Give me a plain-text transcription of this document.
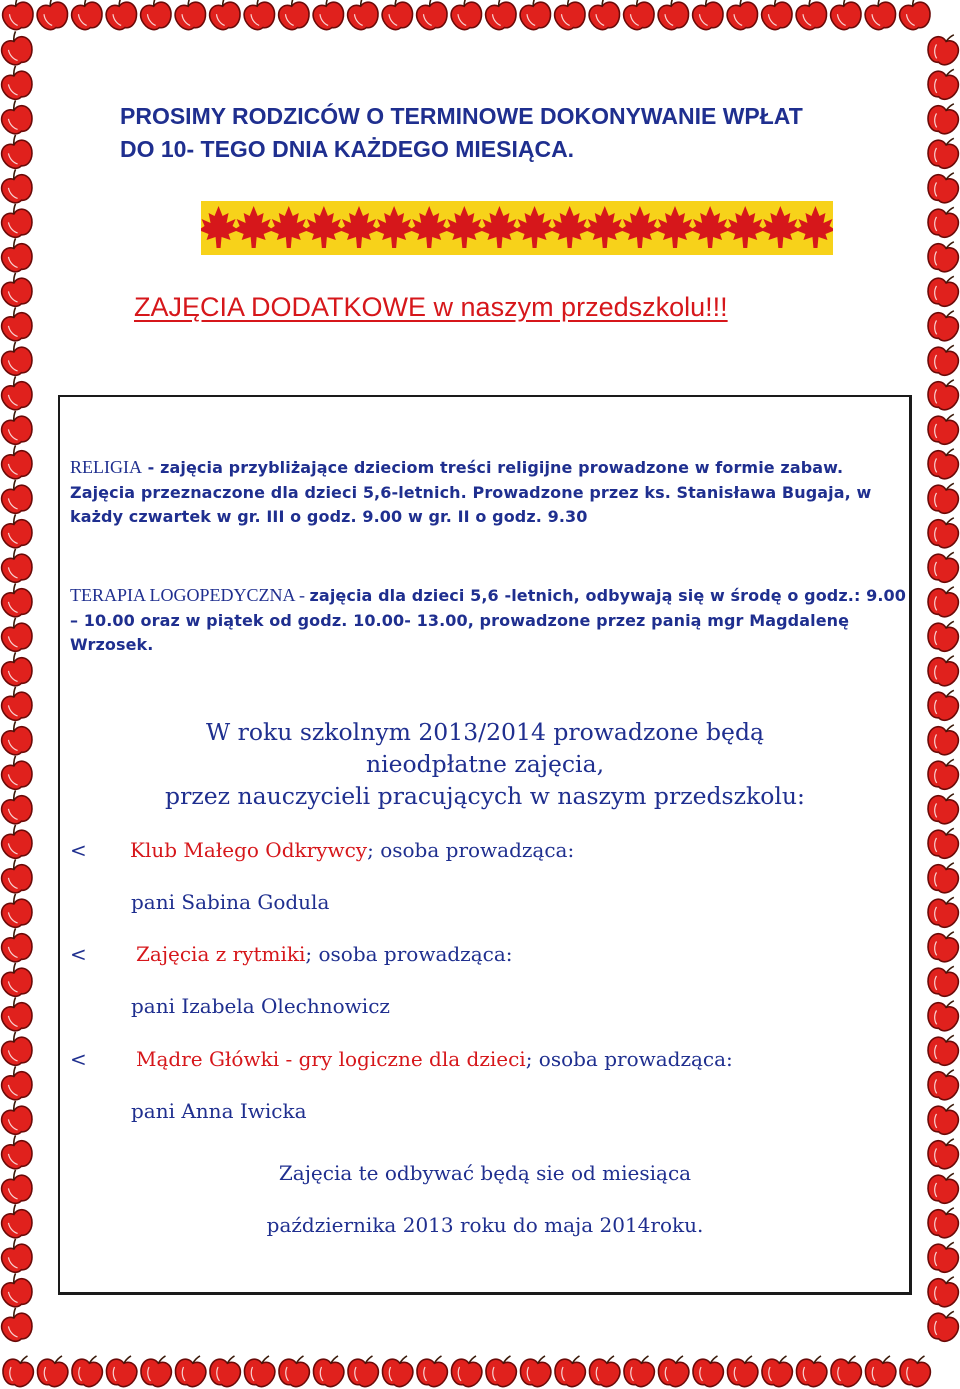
PROSIMY RODZICÓW O TERMINOWE DOKONYWANIE WPŁAT
DO 10- TEGO DNIA KAŻDEGO MIESIĄCA.
ZAJĘCIA DODATKOWE w naszym przedszkolu!!!

RELIGIA - zajęcia przybliżające dzieciom treści religijne prowadzone w formie zabaw. Zajęcia przeznaczone dla dzieci 5,6-letnich. Prowadzone przez ks. Stanisława Bugaja, w każdy czwartek w gr. III o godz. 9.00 w gr. II o godz. 9.30

TERAPIA LOGOPEDYCZNA - zajęcia dla dzieci 5,6 -letnich, odbywają się w środę o godz.: 9.00 – 10.00 oraz w piątek od godz. 10.00- 13.00, prowadzone przez panią mgr Magdalenę Wrzosek.

W roku szkolnym 2013/2014 prowadzone będą
nieodpłatne zajęcia,
przez nauczycieli pracujących w naszym przedszkolu:

< Klub Małego Odkrywcy; osoba prowadząca:

pani Sabina Godula

< Zajęcia z rytmiki; osoba prowadząca:

pani Izabela Olechnowicz

< Mądre Główki - gry logiczne dla dzieci; osoba prowadząca:

pani Anna Iwicka

Zajęcia te odbywać będą sie od miesiąca
października 2013 roku do maja 2014roku.
